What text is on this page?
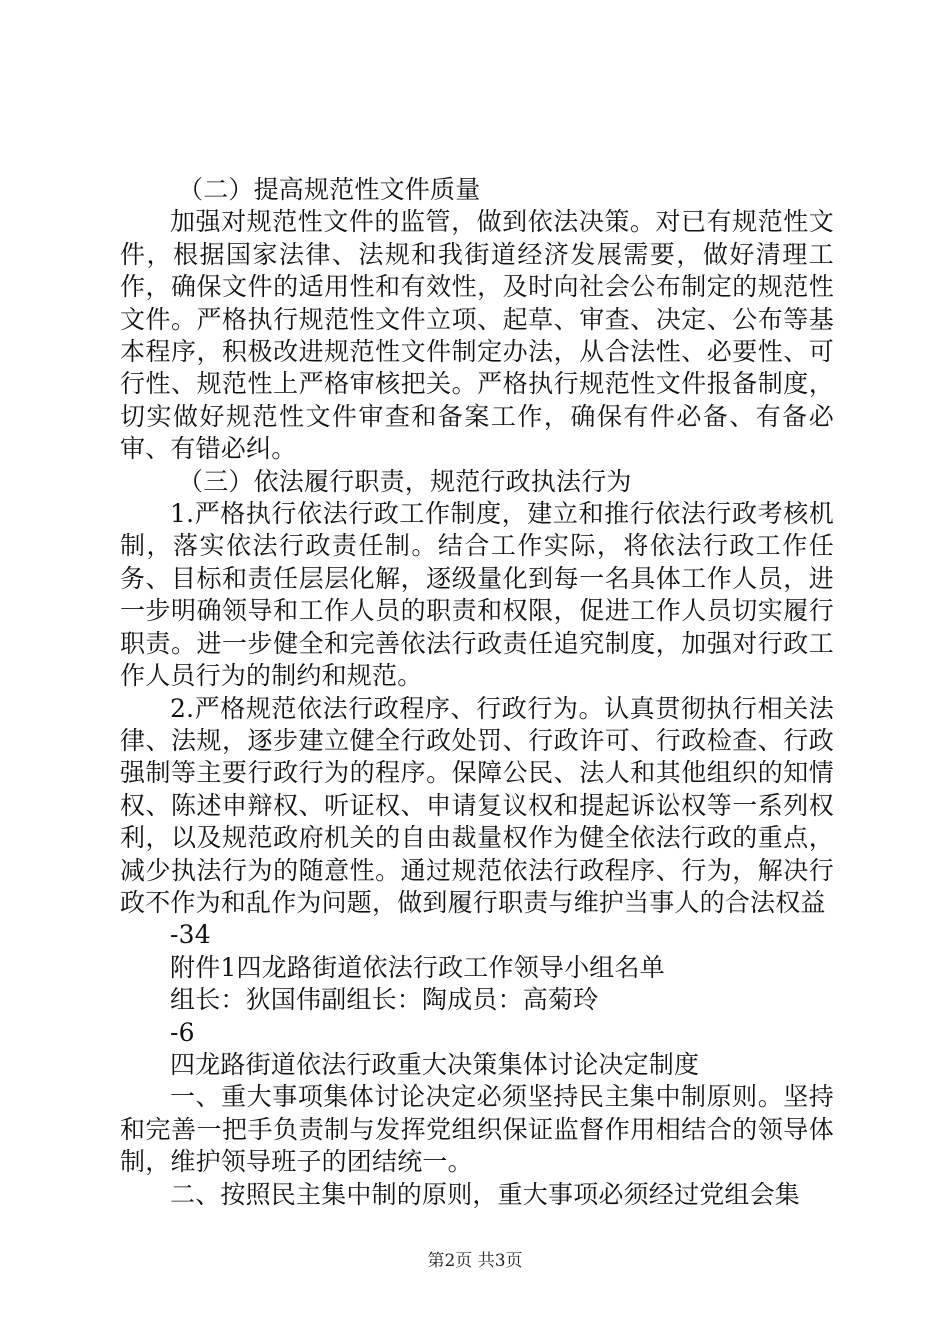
（二）提高规范性文件质量

加强对规范性文件的监管，做到依法决策。对已有规范性文件，根据国家法律、法规和我街道经济发展需要，做好清理工作，确保文件的适用性和有效性，及时向社会公布制定的规范性文件。严格执行规范性文件立项、起草、审查、决定、公布等基本程序，积极改进规范性文件制定办法，从合法性、必要性、可行性、规范性上严格审核把关。严格执行规范性文件报备制度，切实做好规范性文件审查和备案工作，确保有件必备、有备必审、有错必纠。

（三）依法履行职责，规范行政执法行为

1.严格执行依法行政工作制度，建立和推行依法行政考核机制，落实依法行政责任制。结合工作实际，将依法行政工作任务、目标和责任层层化解，逐级量化到每一名具体工作人员，进一步明确领导和工作人员的职责和权限，促进工作人员切实履行职责。进一步健全和完善依法行政责任追究制度，加强对行政工作人员行为的制约和规范。

2.严格规范依法行政程序、行政行为。认真贯彻执行相关法律、法规，逐步建立健全行政处罚、行政许可、行政检查、行政强制等主要行政行为的程序。保障公民、法人和其他组织的知情权、陈述申辩权、听证权、申请复议权和提起诉讼权等一系列权利，以及规范政府机关的自由裁量权作为健全依法行政的重点，减少执法行为的随意性。通过规范依法行政程序、行为，解决行政不作为和乱作为问题，做到履行职责与维护当事人的合法权益

-34

附件1四龙路街道依法行政工作领导小组名单

组长：狄国伟副组长：陶成员：高菊玲

-6

四龙路街道依法行政重大决策集体讨论决定制度

一、重大事项集体讨论决定必须坚持民主集中制原则。坚持和完善一把手负责制与发挥党组织保证监督作用相结合的领导体制，维护领导班子的团结统一。

二、按照民主集中制的原则，重大事项必须经过党组会集

第2页 共3页
